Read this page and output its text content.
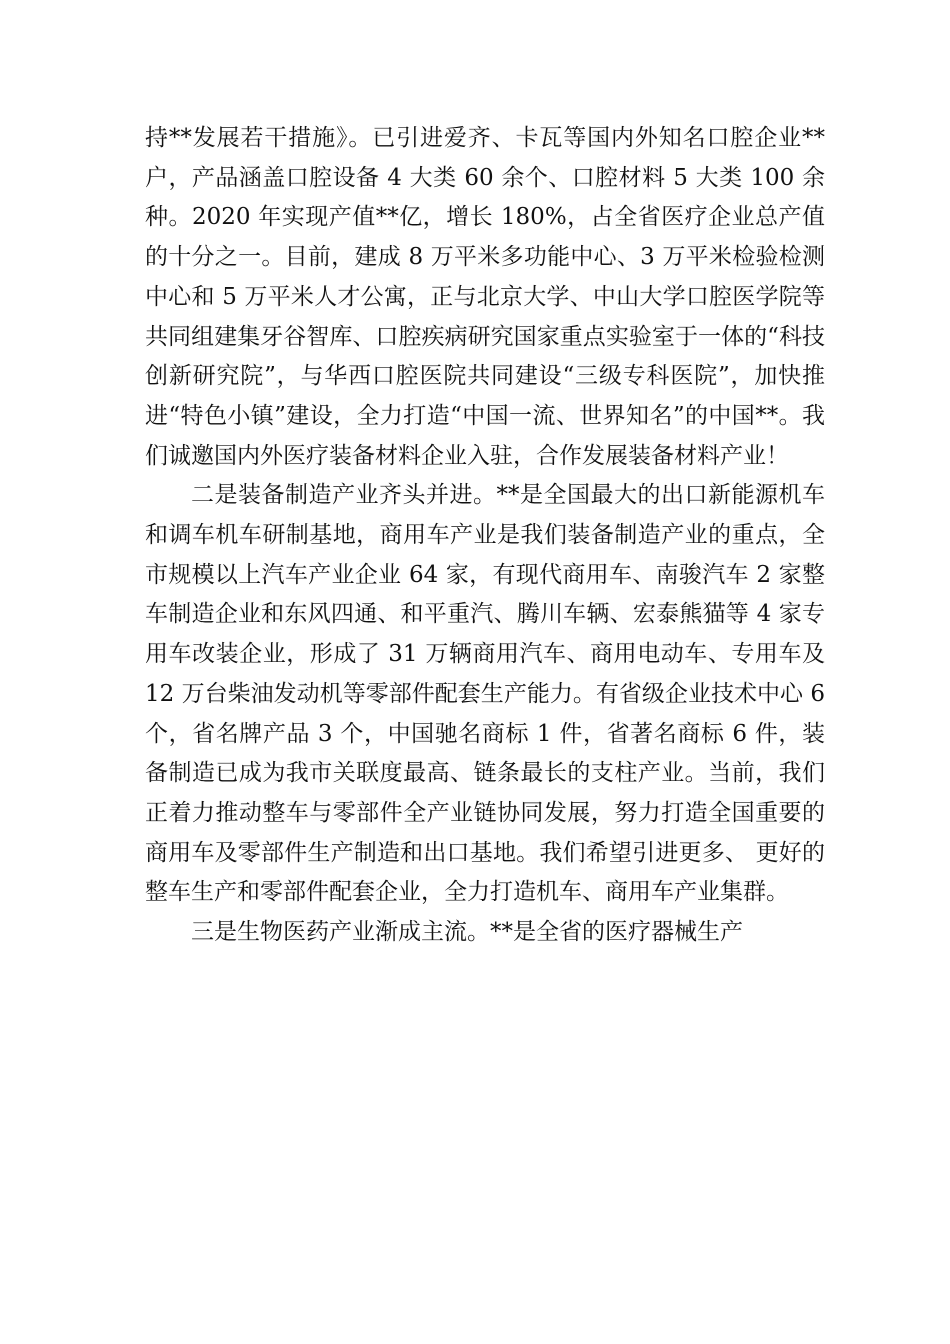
持**发展若干措施》。已引进爱齐、卡瓦等国内外知名口腔企业**户，产品涵盖口腔设备 4 大类 60 余个、口腔材料 5 大类 100 余种。2020 年实现产值**亿，增长 180%，占全省医疗企业总产值的十分之一。目前，建成 8 万平米多功能中心、3 万平米检验检测中心和 5 万平米人才公寓，正与北京大学、中山大学口腔医学院等共同组建集牙谷智库、口腔疾病研究国家重点实验室于一体的“科技创新研究院”，与华西口腔医院共同建设“三级专科医院”，加快推进“特色小镇”建设，全力打造“中国一流、世界知名”的中国**。我们诚邀国内外医疗装备材料企业入驻，合作发展装备材料产业！

二是装备制造产业齐头并进。**是全国最大的出口新能源机车和调车机车研制基地，商用车产业是我们装备制造产业的重点，全市规模以上汽车产业企业 64 家，有现代商用车、南骏汽车 2 家整车制造企业和东风四通、和平重汽、腾川车辆、宏泰熊猫等 4 家专用车改装企业，形成了 31 万辆商用汽车、商用电动车、专用车及 12 万台柴油发动机等零部件配套生产能力。有省级企业技术中心 6 个，省名牌产品 3 个，中国驰名商标 1 件，省著名商标 6 件，装备制造已成为我市关联度最高、链条最长的支柱产业。当前，我们正着力推动整车与零部件全产业链协同发展，努力打造全国重要的商用车及零部件生产制造和出口基地。我们希望引进更多、 更好的整车生产和零部件配套企业，全力打造机车、商用车产业集群。

三是生物医药产业渐成主流。**是全省的医疗器械生产
